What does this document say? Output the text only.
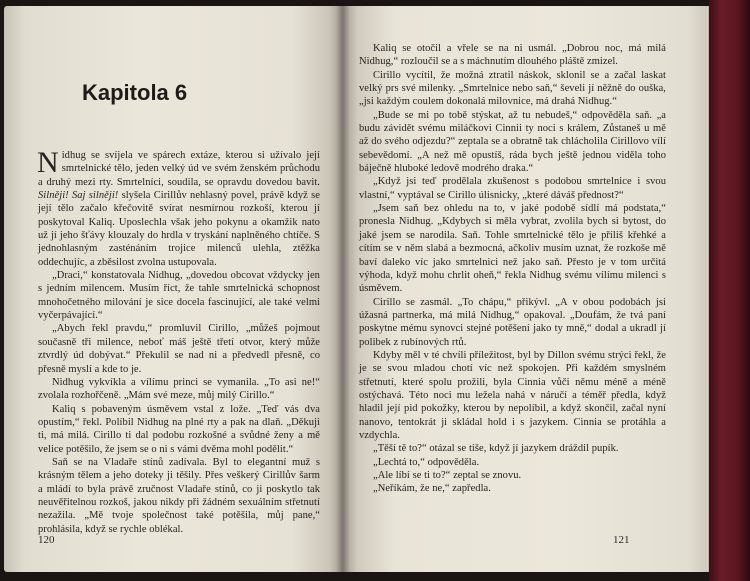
Kapitola 6

Nidhug se svíjela ve spárech extáze, kterou si užívalo její smrtelnické tělo, jeden velký úd ve svém ženském průchodu a druhý mezi rty. Smrtelníci, soudila, se opravdu dovedou bavit. Silněji! Saj silněji! slyšela Cirillův nehlasný povel, právě když se její tělo začalo křečovitě svírat nesmírnou rozkoší, kterou jí poskytoval Kaliq. Uposlechla však jeho pokynu a okamžik nato už jí jeho šťávy klouzaly do hrdla v tryskání naplněného chtíče. S jednohlasným zasténáním trojice milenců ulehla, ztěžka oddechujíc, a zběsilost zvolna ustupovala.

„Draci,“ konstatovala Nidhug, „dovedou obcovat vždycky jen s jedním milencem. Musím říct, že tahle smrtelnická schopnost mnohočetného milování je sice docela fascinující, ale také velmi vyčerpávající.“

„Abych řekl pravdu,“ promluvil Cirillo, „můžeš pojmout současně tři milence, neboť máš ještě třetí otvor, který může ztvrdlý úd dobývat.“ Překulil se nad ni a předvedl přesně, co přesně myslí a kde to je.

Nidhug vykvíkla a vílímu princi se vymanila. „To asi ne!“ zvolala rozhořčeně. „Mám své meze, můj milý Cirillo.“

Kaliq s pobaveným úsměvem vstal z lože. „Teď vás dva opustím,“ řekl. Políbil Nidhug na plné rty a pak na dlaň. „Děkuji ti, má milá. Cirillo ti dal podobu rozkošné a svůdné ženy a mě velice potěšilo, že jsem se o ni s vámi dvěma mohl podělit.“

Saň se na Vladaře stínů zadívala. Byl to elegantní muž s krásným tělem a jeho doteky ji těšily. Přes veškerý Cirillův šarm a mládí to byla právě zručnost Vladaře stínů, co ji poskytlo tak neuvěřitelnou rozkoš, jakou nikdy při žádném sexuálním střetnutí nezažila. „Mě tvoje společnost také potěšila, můj pane,“ prohlásila, když se rychle oblékal.

120

Kaliq se otočil a vřele se na ni usmál. „Dobrou noc, má milá Nidhug,“ rozloučil se a s máchnutím dlouhého pláště zmizel.

Cirillo vycítil, že možná ztratil náskok, sklonil se a začal laskat velký prs své milenky. „Smrtelnice nebo saň,“ ševeli jí něžně do ouška, „jsi každým coulem dokonalá milovnice, má drahá Nidhug.“

„Bude se mi po tobě stýskat, až tu nebudeš,“ odpověděla saň. „a budu závidět svému miláčkovi Cinnii ty noci s králem, Zůstaneš u mě až do svého odjezdu?“ zeptala se a obratně tak chlácholila Cirillovo vílí sebevědomí. „A než mě opustíš, ráda bych ještě jednou viděla toho báječně hluboké ledově modrého draka.“

„Když jsi teď prodělala zkušenost s podobou smrtelnice i svou vlastní,“ vyptával se Cirillo úlisnicky, „které dáváš přednost?“

„Jsem saň bez ohledu na to, v jaké podobě sídlí má podstata,“ pronesla Nidhug. „Kdybych si měla vybrat, zvolila bych si bytost, do jaké jsem se narodila. Saň. Tohle smrtelnické tělo je příliš křehké a cítím se v něm slabá a bezmocná, ačkoliv musím uznat, že rozkoše mě baví daleko víc jako smrtelnici než jako saň. Přesto je v tom určitá výhoda, když mohu chrlit oheň,“ řekla Nidhug svému vílímu milenci s úsměvem.

Cirillo se zasmál. „To chápu,“ přikývl. „A v obou podobách jsi úžasná partnerka, má milá Nidhug,“ opakoval. „Doufám, že tvá paní poskytne mému synovci stejné potěšení jako ty mně,“ dodal a ukradl jí polibek z rubínových rtů.

Kdyby měl v té chvíli příležitost, byl by Dillon svému strýci řekl, že je se svou mladou chotí víc než spokojen. Při každém smyslném střetnutí, které spolu prožili, byla Cinnia vůči němu méně a méně ostýchavá. Této noci mu ležela nahá v náručí a téměř předla, když hladil její pid pokožky, kterou by nepolíbil, a když skončil, začal nyní nanovo, tentokrát ji skládal hold i s jazykem. Cinnia se protáhla a vzdychla.

„Těší tě to?“ otázal se tiše, když jí jazykem dráždil pupík.

„Lechtá to,“ odpověděla.

„Ale líbí se ti to?“ zeptal se znovu.

„Neříkám, že ne,“ zapředla.

121
